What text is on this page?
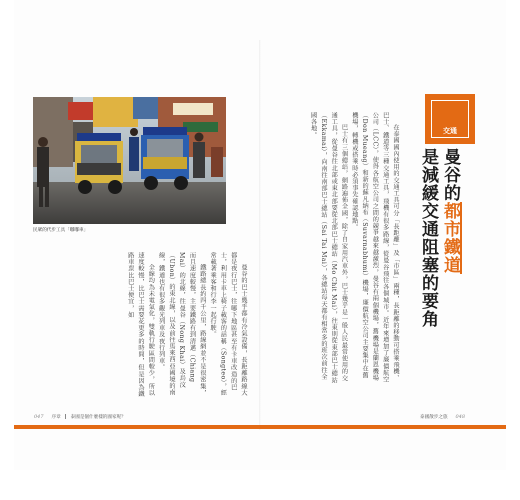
民眾的代步工具「嘟嘟車」
交通
曼谷的都市鐵道
是減緩交通阻塞的要角

在泰國國內使用的交通工具可分「長距離」及「市區」兩種，長距離的移動可搭乘飛機、巴士、鐵道等三種交通工具，飛機有很多路線，從曼谷飛往各個城市。近年來增加了廉價航空公司（LCC），使得各航空公司之間的競爭越來越激烈，曼谷有兩個機場，舊機場是蘭恩機場（Don Mueang）和新的蘇凡納布（Suvarnabhumi）機場，廉價航空公司主要集中在舊機場，轉機或搭乘時必須事先確認地點。

巴士有三個總站，網路遍佈全國，除了自家用汽車外，巴士幾乎是一般人民最常使用的交通工具，從曼谷往北部或東北部要從北部巴士總站（Mo Chit Mai），往東則從東部巴士總站（Ekkamai），向南往南部巴士總站（Sai Tai Mai），各總站每天都有相當多的班次前往全國各地。

曼谷的巴士幾乎都有冷氣設備，長距離路線大都是夜行巴士，往哪下地區甚至有卡車改造的巴士，利用卡車上椅子載客的話稱（Songteo），經常載著乘客和行李一起行駛。

鐵路總長約四千公里，路線網並不是很密集，而且速度較慢，主要鐵路有到清邁（Chiang Mai）的北線，往曼谷（Nong Khai）及烏汶（Ubon）的東北線，以及前往馬來西亞國境的南線，鐵道也有很多觀光列車及夜行列車。

全線均為未電氣化，雙軌行駛區間較少，所以速度較慢，比巴士需要花更多的時間，但是因為鐵路車票比巴士便宜，如

047 序章 泰國是個什麼樣的國家呢？	泰國散步之旅 048
